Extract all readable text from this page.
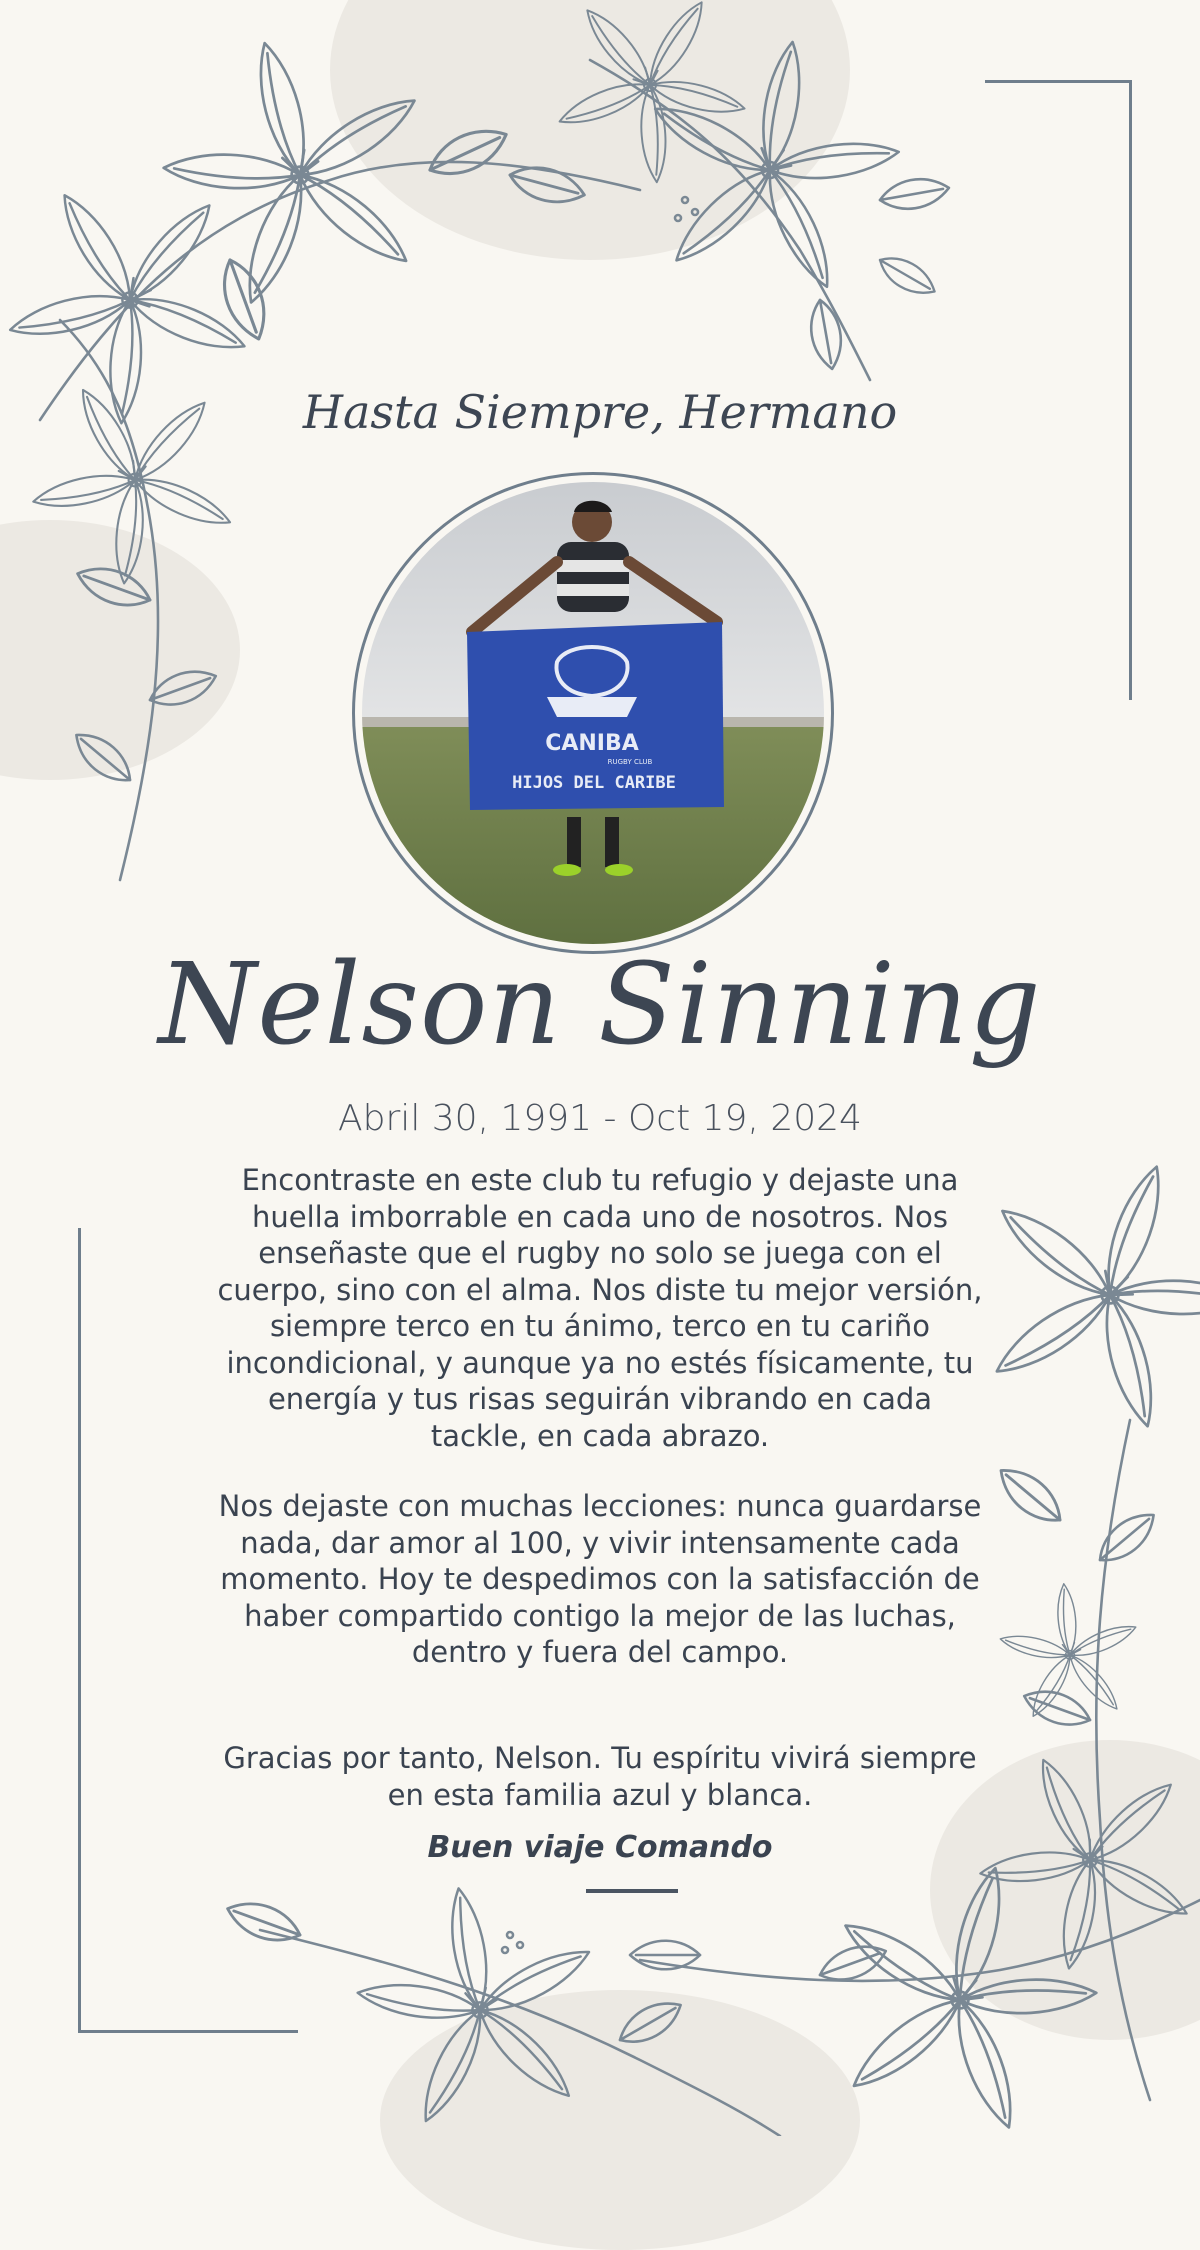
Hasta Siempre, Hermano
CANIBA
RUGBY CLUB
HIJOS DEL CARIBE
Nelson Sinning
Abril 30, 1991 - Oct 19, 2024
Encontraste en este club tu refugio y dejaste una huella imborrable en cada uno de nosotros. Nos enseñaste que el rugby no solo se juega con el cuerpo, sino con el alma. Nos diste tu mejor versión, siempre terco en tu ánimo, terco en tu cariño incondicional, y aunque ya no estés físicamente, tu energía y tus risas seguirán vibrando en cada tackle, en cada abrazo.
Nos dejaste con muchas lecciones: nunca guardarse nada, dar amor al 100, y vivir intensamente cada momento. Hoy te despedimos con la satisfacción de haber compartido contigo la mejor de las luchas, dentro y fuera del campo.
Gracias por tanto, Nelson. Tu espíritu vivirá siempre en esta familia azul y blanca.
Buen viaje Comando
